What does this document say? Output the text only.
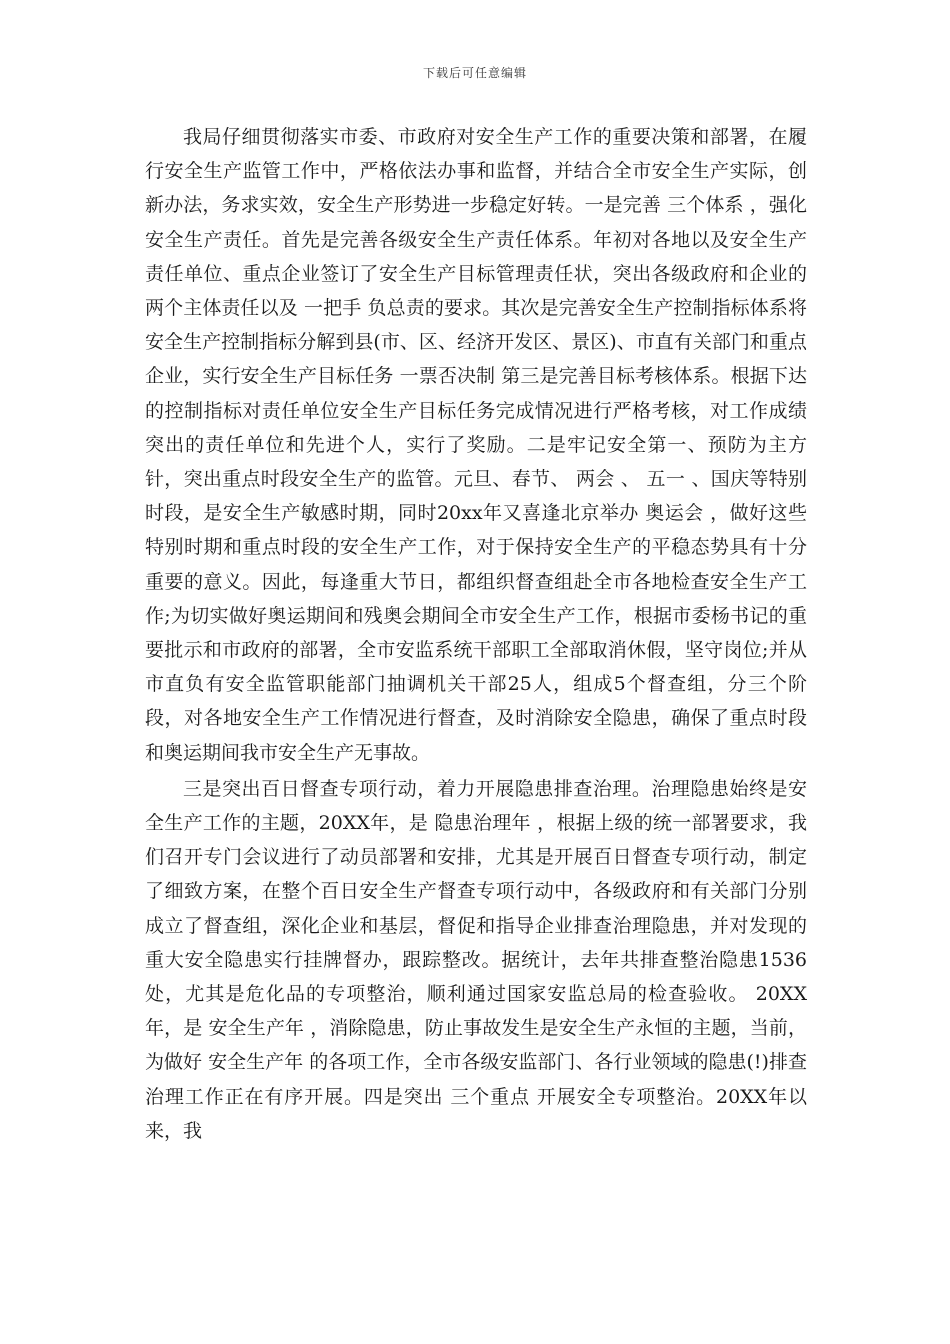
下载后可任意编辑

我局仔细贯彻落实市委、市政府对安全生产工作的重要决策和部署，在履行安全生产监管工作中，严格依法办事和监督，并结合全市安全生产实际，创新办法，务求实效，安全生产形势进一步稳定好转。一是完善 三个体系 ，强化安全生产责任。首先是完善各级安全生产责任体系。年初对各地以及安全生产责任单位、重点企业签订了安全生产目标管理责任状，突出各级政府和企业的两个主体责任以及 一把手 负总责的要求。其次是完善安全生产控制指标体系将安全生产控制指标分解到县(市、区、经济开发区、景区)、市直有关部门和重点企业，实行安全生产目标任务 一票否决制 第三是完善目标考核体系。根据下达的控制指标对责任单位安全生产目标任务完成情况进行严格考核，对工作成绩突出的责任单位和先进个人，实行了奖励。二是牢记安全第一、预防为主方针，突出重点时段安全生产的监管。元旦、春节、 两会 、 五一 、国庆等特别时段，是安全生产敏感时期，同时20xx年又喜逢北京举办 奥运会 ，做好这些特别时期和重点时段的安全生产工作，对于保持安全生产的平稳态势具有十分重要的意义。因此，每逢重大节日，都组织督查组赴全市各地检查安全生产工作;为切实做好奥运期间和残奥会期间全市安全生产工作，根据市委杨书记的重要批示和市政府的部署，全市安监系统干部职工全部取消休假，坚守岗位;并从市直负有安全监管职能部门抽调机关干部25人，组成5个督查组，分三个阶段，对各地安全生产工作情况进行督查，及时消除安全隐患，确保了重点时段和奥运期间我市安全生产无事故。

三是突出百日督查专项行动，着力开展隐患排查治理。治理隐患始终是安全生产工作的主题，20XX年，是 隐患治理年 ，根据上级的统一部署要求，我们召开专门会议进行了动员部署和安排，尤其是开展百日督查专项行动，制定了细致方案，在整个百日安全生产督查专项行动中，各级政府和有关部门分别成立了督查组，深化企业和基层，督促和指导企业排查治理隐患，并对发现的重大安全隐患实行挂牌督办，跟踪整改。据统计，去年共排查整治隐患1536处，尤其是危化品的专项整治，顺利通过国家安监总局的检查验收。 20XX年，是 安全生产年 ，消除隐患，防止事故发生是安全生产永恒的主题，当前，为做好 安全生产年 的各项工作，全市各级安监部门、各行业领域的隐患(!)排查治理工作正在有序开展。四是突出 三个重点 开展安全专项整治。20XX年以来，我
